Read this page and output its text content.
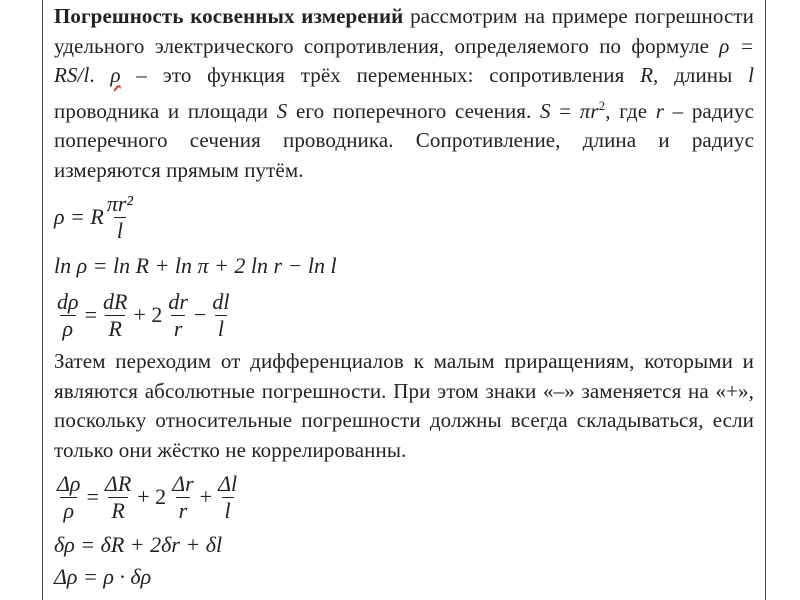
Погрешность косвенных измерений рассмотрим на примере погрешности удельного электрического сопротивления, определяемого по формуле ρ = RS/l. ρ – это функция трёх переменных: сопротивления R, длины l проводника и площади S его поперечного сечения. $S = \pi r^2$, где r – радиус поперечного сечения проводника. Сопротивление, длина и радиус измеряются прямым путём.

ρ = R $\frac{\text{πr²}}{l}$
ln ρ = ln R + ln π + 2 ln r − ln l
$\frac{d\rho}{\rho} = \frac{dR}{R} + 2 \frac{dr}{r} - \frac{dl}{l}$

Затем переходим от дифференциалов к малым приращениям, которыми и являются абсолютные погрешности. При этом знаки «–» заменяется на «+», поскольку относительные погрешности должны всегда складываться, если только они жёстко не коррелированны.

$\frac{\Delta\rho}{\rho} = \frac{\Delta R}{R} + 2 \frac{\Delta r}{r} + \frac{\Delta l}{l}$
δρ = δR + 2δr + δl
Δρ = ρ · δρ
